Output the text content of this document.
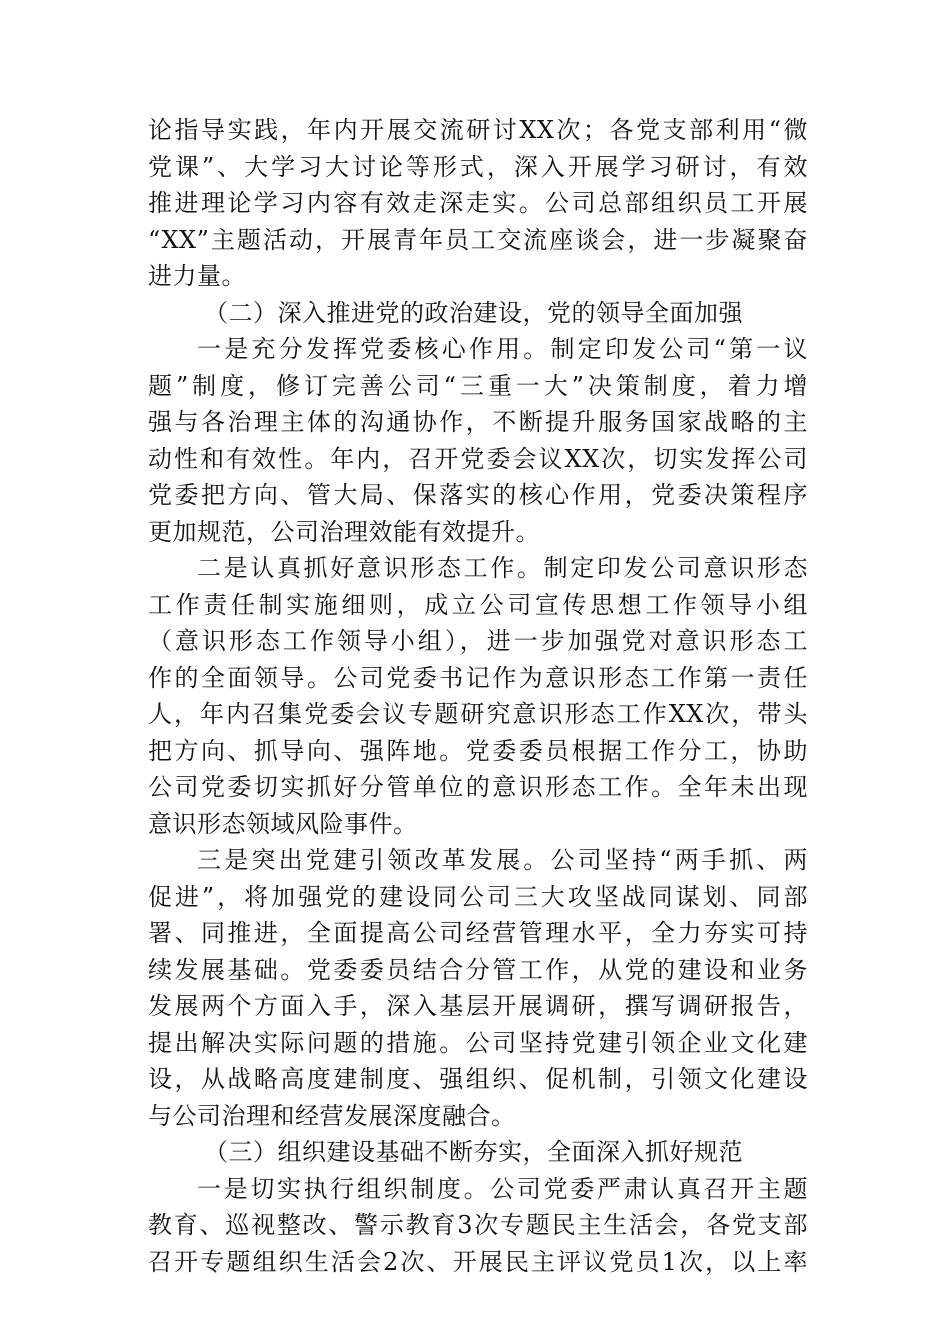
论指导实践，年内开展交流研讨XX次；各党支部利用“微
党课”、大学习大讨论等形式，深入开展学习研讨，有效
推进理论学习内容有效走深走实。公司总部组织员工开展
“XX”主题活动，开展青年员工交流座谈会，进一步凝聚奋
进力量。
（二）深入推进党的政治建设，党的领导全面加强
一是充分发挥党委核心作用。制定印发公司“第一议
题”制度，修订完善公司“三重一大”决策制度，着力增
强与各治理主体的沟通协作，不断提升服务国家战略的主
动性和有效性。年内，召开党委会议XX次，切实发挥公司
党委把方向、管大局、保落实的核心作用，党委决策程序
更加规范，公司治理效能有效提升。
二是认真抓好意识形态工作。制定印发公司意识形态
工作责任制实施细则，成立公司宣传思想工作领导小组
（意识形态工作领导小组），进一步加强党对意识形态工
作的全面领导。公司党委书记作为意识形态工作第一责任
人，年内召集党委会议专题研究意识形态工作XX次，带头
把方向、抓导向、强阵地。党委委员根据工作分工，协助
公司党委切实抓好分管单位的意识形态工作。全年未出现
意识形态领域风险事件。
三是突出党建引领改革发展。公司坚持“两手抓、两
促进”，将加强党的建设同公司三大攻坚战同谋划、同部
署、同推进，全面提高公司经营管理水平，全力夯实可持
续发展基础。党委委员结合分管工作，从党的建设和业务
发展两个方面入手，深入基层开展调研，撰写调研报告，
提出解决实际问题的措施。公司坚持党建引领企业文化建
设，从战略高度建制度、强组织、促机制，引领文化建设
与公司治理和经营发展深度融合。
（三）组织建设基础不断夯实，全面深入抓好规范
一是切实执行组织制度。公司党委严肃认真召开主题
教育、巡视整改、警示教育3次专题民主生活会，各党支部
召开专题组织生活会2次、开展民主评议党员1次，以上率
